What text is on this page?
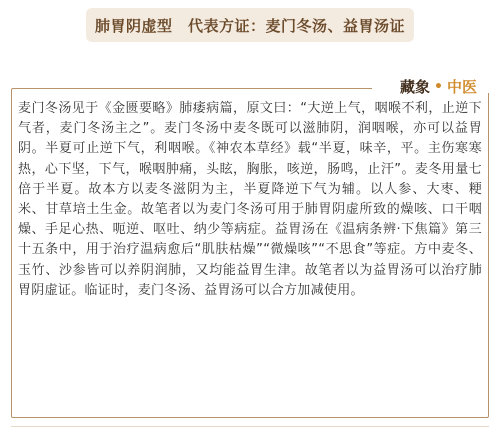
肺胃阴虚型　代表方证：麦门冬汤、益胃汤证
藏象 • 中医

麦门冬汤见于《金匮要略》肺痿病篇，原文曰：“大逆上气，咽喉不利，止逆下气者，麦门冬汤主之”。麦门冬汤中麦冬既可以滋肺阴，润咽喉，亦可以益胃阴。半夏可止逆下气，利咽喉。《神农本草经》载“半夏，味辛，平。主伤寒寒热，心下坚，下气，喉咽肿痛，头眩，胸胀，咳逆，肠鸣，止汗”。麦冬用量七倍于半夏。故本方以麦冬滋阴为主，半夏降逆下气为辅。以人参、大枣、粳米、甘草培土生金。故笔者以为麦门冬汤可用于肺胃阴虚所致的燥咳、口干咽燥、手足心热、呃逆、呕吐、纳少等病症。益胃汤在《温病条辨·下焦篇》第三十五条中，用于治疗温病愈后“肌肤枯燥”“微燥咳”“不思食”等症。方中麦冬、玉竹、沙参皆可以养阴润肺，又均能益胃生津。故笔者以为益胃汤可以治疗肺胃阴虚证。临证时，麦门冬汤、益胃汤可以合方加减使用。
